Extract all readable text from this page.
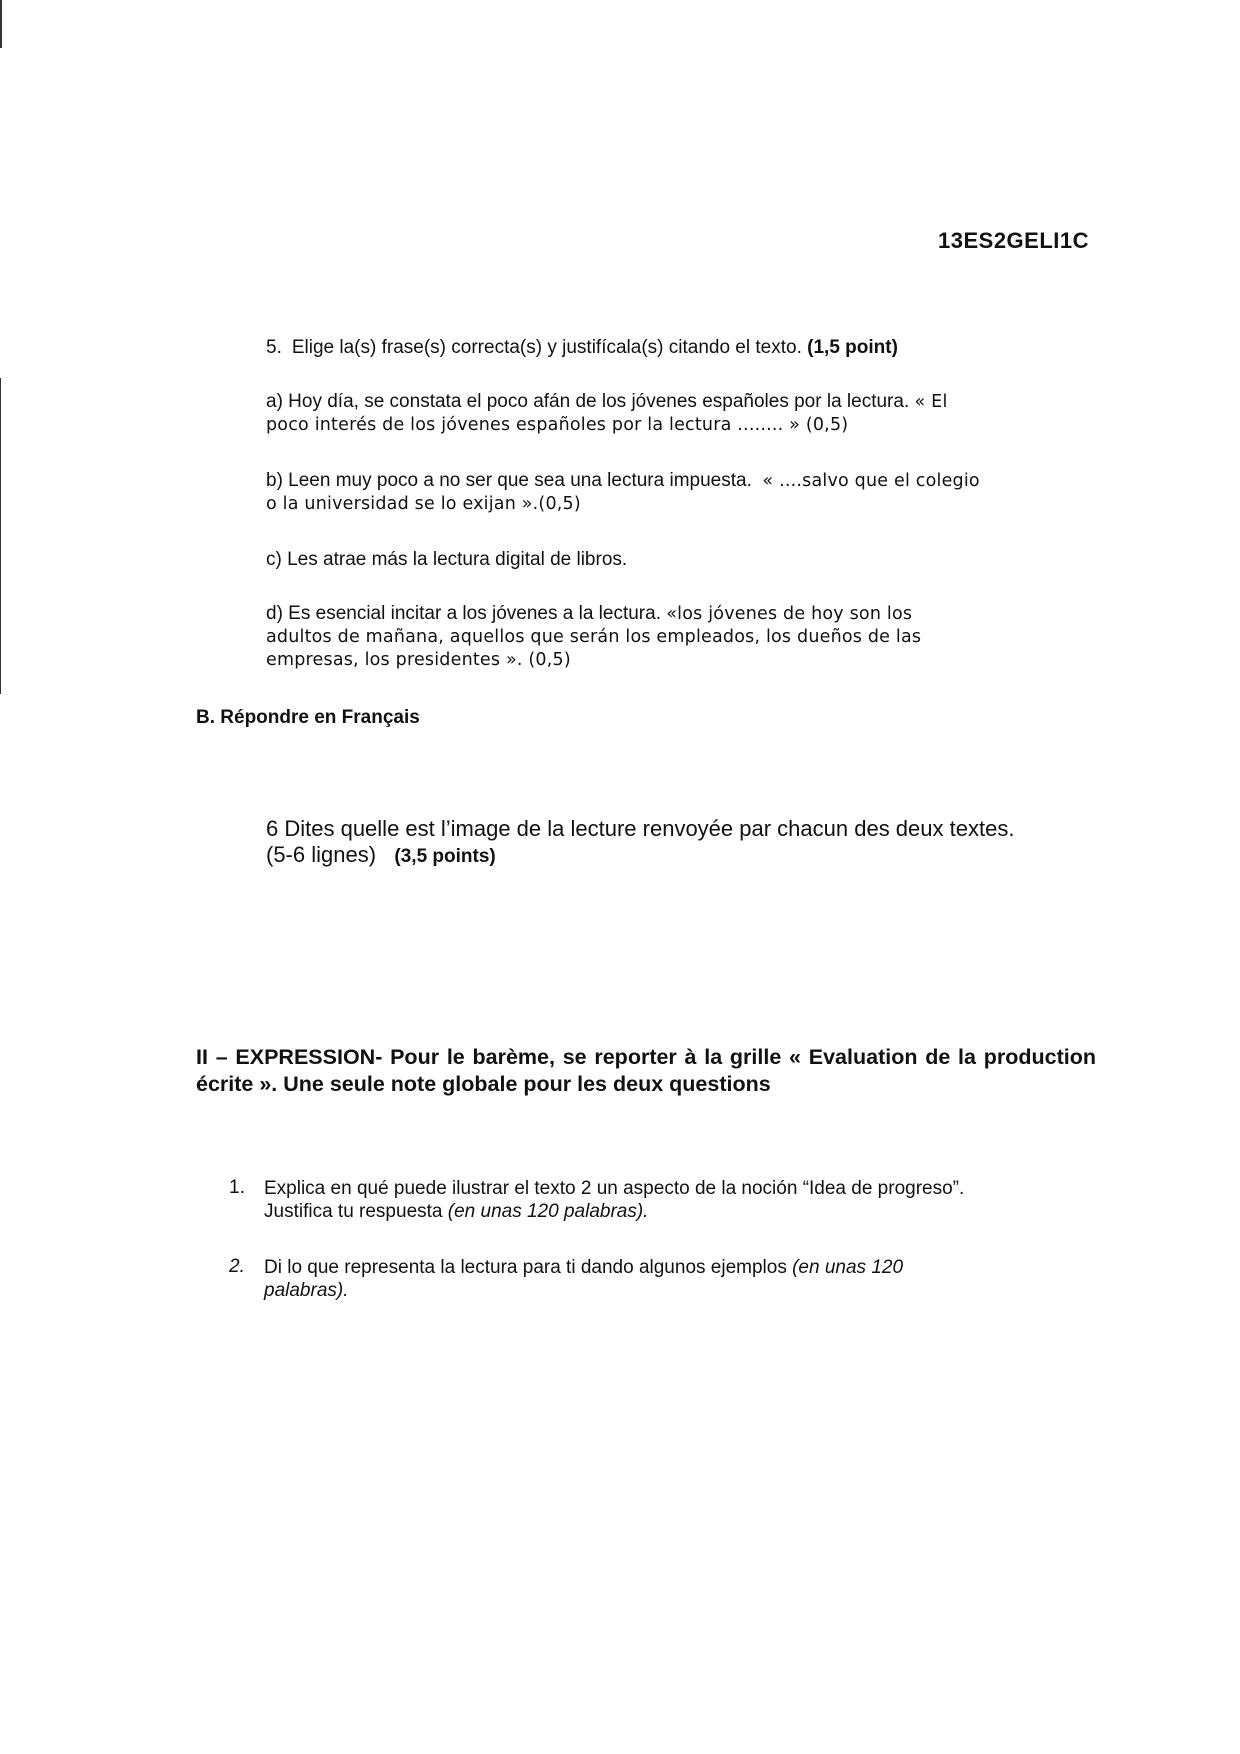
13ES2GELI1C
5. Elige la(s) frase(s) correcta(s) y justifícala(s) citando el texto. (1,5 point)
a) Hoy día, se constata el poco afán de los jóvenes españoles por la lectura. « El
poco interés de los jóvenes españoles por la lectura ........ » (0,5)
b) Leen muy poco a no ser que sea una lectura impuesta. « ....salvo que el colegio
o la universidad se lo exijan ».(0,5)
c) Les atrae más la lectura digital de libros.
d) Es esencial incitar a los jóvenes a la lectura. «los jóvenes de hoy son los
adultos de mañana, aquellos que serán los empleados, los dueños de las
empresas, los presidentes ». (0,5)
B. Répondre en Français
6 Dites quelle est l’image de la lecture renvoyée par chacun des deux textes.
(5-6 lignes) (3,5 points)
II – EXPRESSION- Pour le barème, se reporter à la grille « Evaluation de la production écrite ». Une seule note globale pour les deux questions
1. Explica en qué puede ilustrar el texto 2 un aspecto de la noción “Idea de progreso”.
Justifica tu respuesta (en unas 120 palabras).
2. Di lo que representa la lectura para ti dando algunos ejemplos (en unas 120
palabras).
